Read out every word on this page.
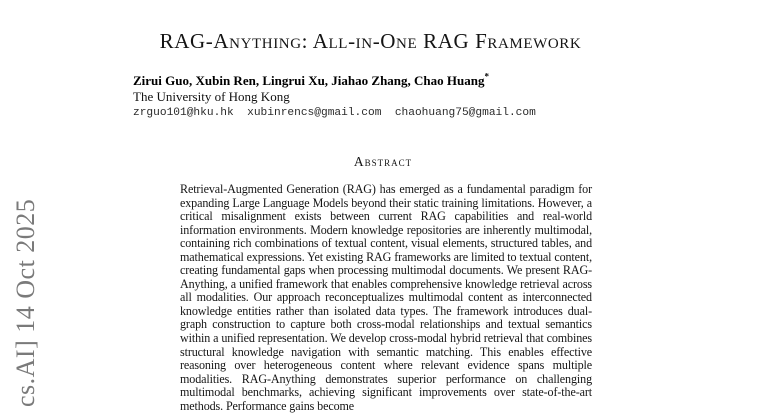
cs.AI] 14 Oct 2025
RAG-Anything: All-in-One RAG Framework
Zirui Guo, Xubin Ren, Lingrui Xu, Jiahao Zhang, Chao Huang*
The University of Hong Kong
zrguo101@hku.hk  xubinrencs@gmail.com  chaohuang75@gmail.com
Abstract

Retrieval-Augmented Generation (RAG) has emerged as a fundamental paradigm for expanding Large Language Models beyond their static training limitations. However, a critical misalignment exists between current RAG capabilities and real-world information environments. Modern knowledge repositories are inherently multimodal, containing rich combinations of textual content, visual elements, structured tables, and mathematical expressions. Yet existing RAG frameworks are limited to textual content, creating fundamental gaps when processing multimodal documents. We present RAG-Anything, a unified framework that enables comprehensive knowledge retrieval across all modalities. Our approach reconceptualizes multimodal content as interconnected knowledge entities rather than isolated data types. The framework introduces dual-graph construction to capture both cross-modal relationships and textual semantics within a unified representation. We develop cross-modal hybrid retrieval that combines structural knowledge navigation with semantic matching. This enables effective reasoning over heterogeneous content where relevant evidence spans multiple modalities. RAG-Anything demonstrates superior performance on challenging multimodal benchmarks, achieving significant improvements over state-of-the-art methods. Performance gains become
